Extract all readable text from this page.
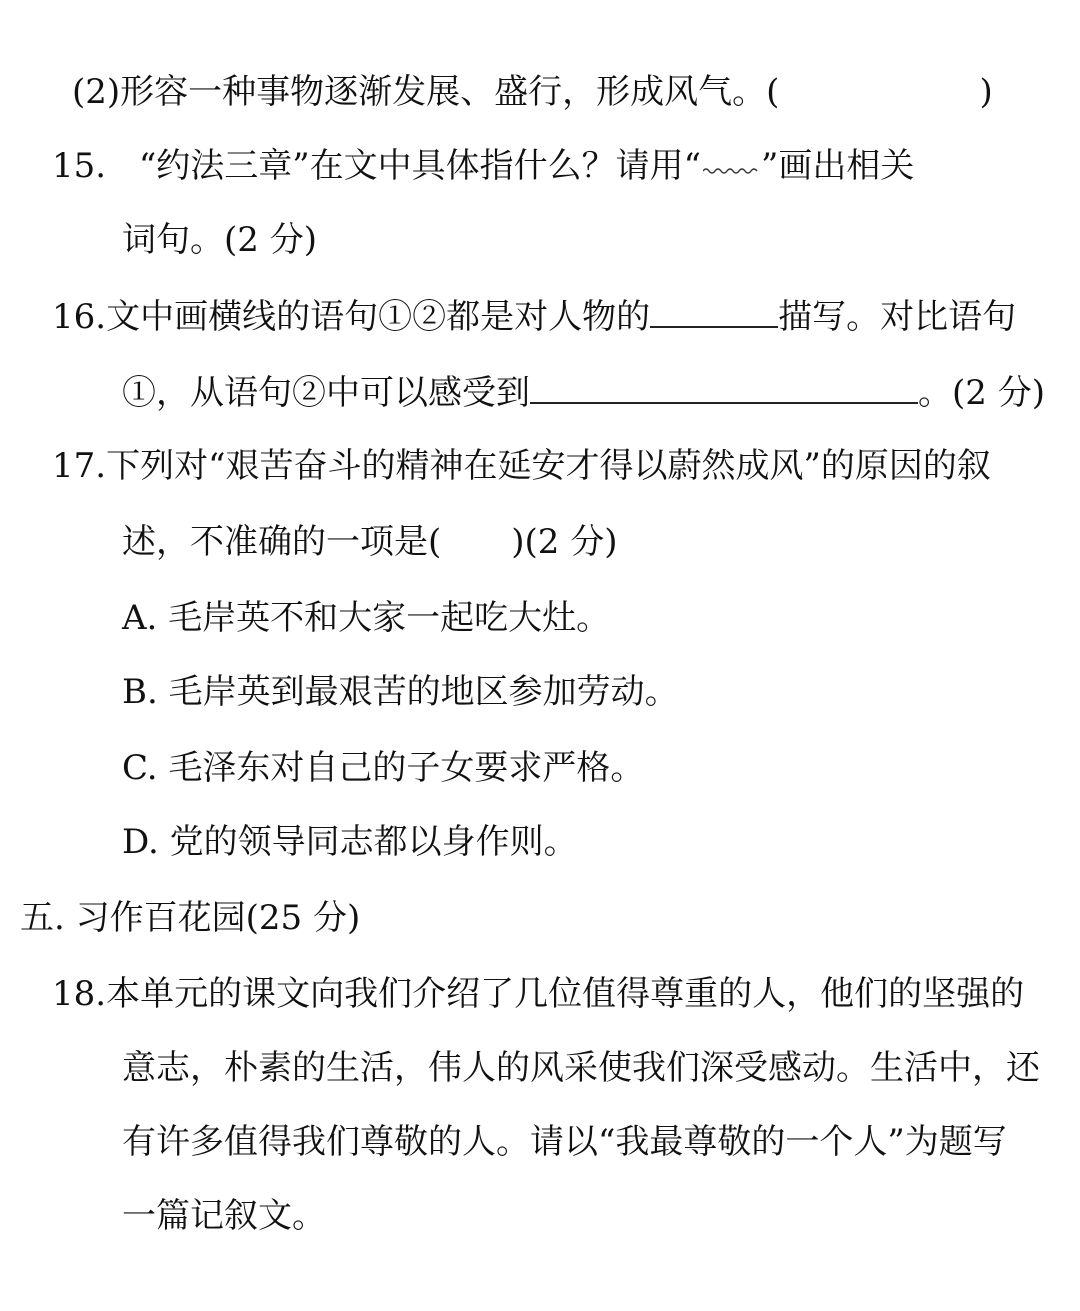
(2)形容一种事物逐渐发展、盛行，形成风气。(	)
15. “约法三章”在文中具体指什么？请用“ ”画出相关
词句。(2 分)
16.文中画横线的语句①②都是对人物的	描写。对比语句
①，从语句②中可以感受到	。(2 分)
17.下列对“艰苦奋斗的精神在延安才得以蔚然成风”的原因的叙
述，不准确的一项是( )(2 分)
A. 毛岸英不和大家一起吃大灶。
B. 毛岸英到最艰苦的地区参加劳动。
C. 毛泽东对自己的子女要求严格。
D. 党的领导同志都以身作则。
五. 习作百花园(25 分)
18.本单元的课文向我们介绍了几位值得尊重的人，他们的坚强的
意志，朴素的生活，伟人的风采使我们深受感动。生活中，还
有许多值得我们尊敬的人。请以“我最尊敬的一个人”为题写
一篇记叙文。
